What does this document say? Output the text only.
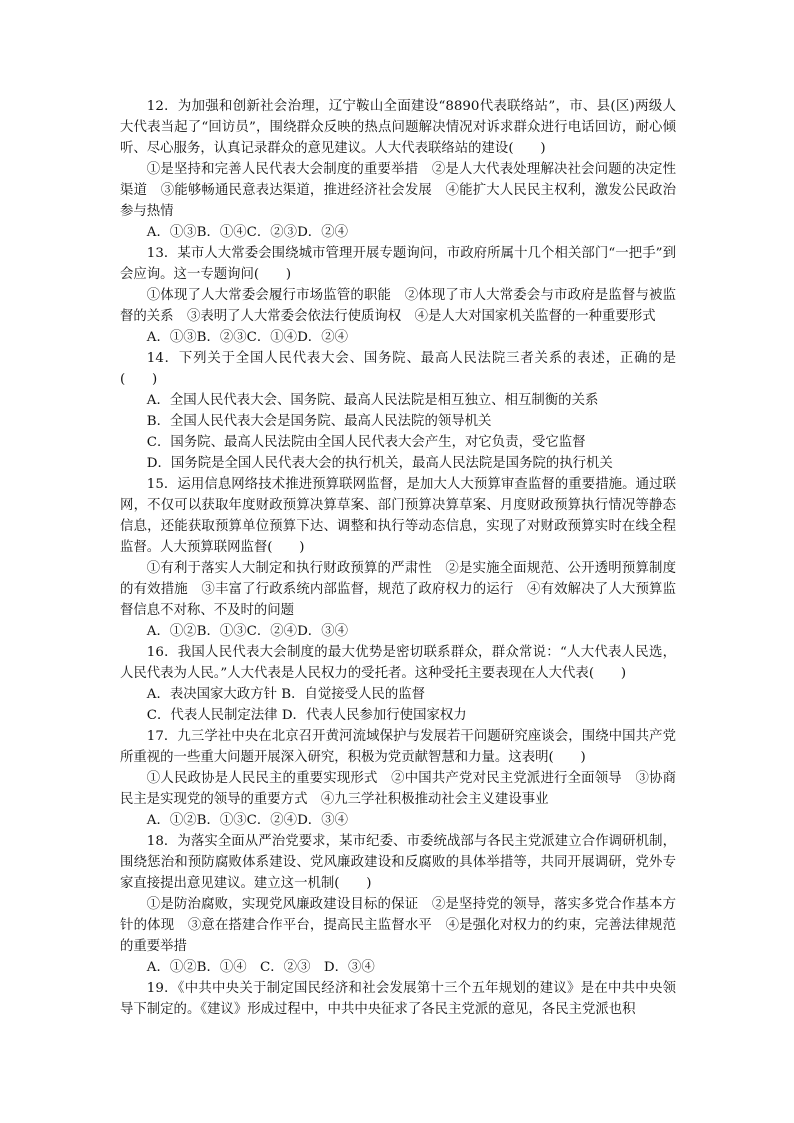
12．为加强和创新社会治理，辽宁鞍山全面建设“8890代表联络站”，市、县(区)两级人大代表当起了“回访员”，围绕群众反映的热点问题解决情况对诉求群众进行电话回访，耐心倾听、尽心服务，认真记录群众的意见建议。人大代表联络站的建设(　　)

①是坚持和完善人民代表大会制度的重要举措　②是人大代表处理解决社会问题的决定性渠道　③能够畅通民意表达渠道，推进经济社会发展　④能扩大人民民主权利，激发公民政治参与热情

A．①③B．①④C．②③D．②④

13．某市人大常委会围绕城市管理开展专题询问，市政府所属十几个相关部门“一把手”到会应询。这一专题询问(　　)

①体现了人大常委会履行市场监管的职能　②体现了市人大常委会与市政府是监督与被监督的关系　③表明了人大常委会依法行使质询权　④是人大对国家机关监督的一种重要形式

A．①③B．②③C．①④D．②④

14．下列关于全国人民代表大会、国务院、最高人民法院三者关系的表述，正确的是(　　)

A．全国人民代表大会、国务院、最高人民法院是相互独立、相互制衡的关系

B．全国人民代表大会是国务院、最高人民法院的领导机关

C．国务院、最高人民法院由全国人民代表大会产生，对它负责，受它监督

D．国务院是全国人民代表大会的执行机关，最高人民法院是国务院的执行机关

15．运用信息网络技术推进预算联网监督，是加大人大预算审查监督的重要措施。通过联网，不仅可以获取年度财政预算决算草案、部门预算决算草案、月度财政预算执行情况等静态信息，还能获取预算单位预算下达、调整和执行等动态信息，实现了对财政预算实时在线全程监督。人大预算联网监督(　　)

①有利于落实人大制定和执行财政预算的严肃性　②是实施全面规范、公开透明预算制度的有效措施　③丰富了行政系统内部监督，规范了政府权力的运行　④有效解决了人大预算监督信息不对称、不及时的问题

A．①②B．①③C．②④D．③④

16．我国人民代表大会制度的最大优势是密切联系群众，群众常说：“人大代表人民选，人民代表为人民。”人大代表是人民权力的受托者。这种受托主要表现在人大代表(　　)

A．表决国家大政方针 B．自觉接受人民的监督

C．代表人民制定法律 D．代表人民参加行使国家权力

17．九三学社中央在北京召开黄河流域保护与发展若干问题研究座谈会，围绕中国共产党所重视的一些重大问题开展深入研究，积极为党贡献智慧和力量。这表明(　　)

①人民政协是人民民主的重要实现形式　②中国共产党对民主党派进行全面领导　③协商民主是实现党的领导的重要方式　④九三学社积极推动社会主义建设事业

A．①②B．①③C．②④D．③④

18．为落实全面从严治党要求，某市纪委、市委统战部与各民主党派建立合作调研机制，围绕惩治和预防腐败体系建设、党风廉政建设和反腐败的具体举措等，共同开展调研，党外专家直接提出意见建议。建立这一机制(　　)

①是防治腐败，实现党风廉政建设目标的保证　②是坚持党的领导，落实多党合作基本方针的体现　③意在搭建合作平台，提高民主监督水平　④是强化对权力的约束，完善法律规范的重要举措

A．①②B．①④　C．②③　D．③④

19．《中共中央关于制定国民经济和社会发展第十三个五年规划的建议》是在中共中央领导下制定的。《建议》形成过程中，中共中央征求了各民主党派的意见，各民主党派也积
